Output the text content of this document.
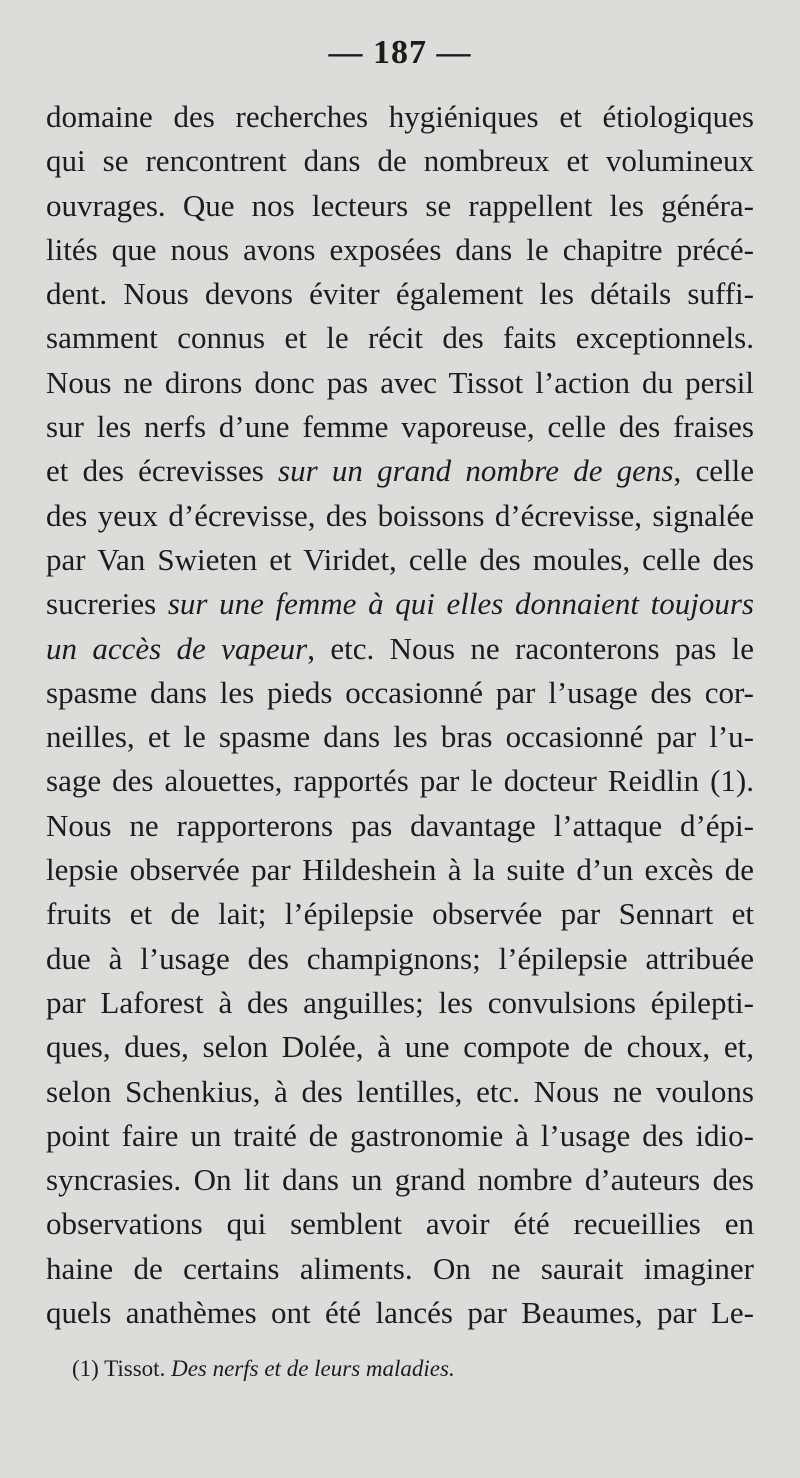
— 187 —
domaine des recherches hygiéniques et étiologiques
qui se rencontrent dans de nombreux et volumineux
ouvrages. Que nos lecteurs se rappellent les généra-
lités que nous avons exposées dans le chapitre précé-
dent. Nous devons éviter également les détails suffi-
samment connus et le récit des faits exceptionnels.
Nous ne dirons donc pas avec Tissot l’action du persil
sur les nerfs d’une femme vaporeuse, celle des fraises
et des écrevisses sur un grand nombre de gens, celle
des yeux d’écrevisse, des boissons d’écrevisse, signalée
par Van Swieten et Viridet, celle des moules, celle des
sucreries sur une femme à qui elles donnaient toujours
un accès de vapeur, etc. Nous ne raconterons pas le
spasme dans les pieds occasionné par l’usage des cor-
neilles, et le spasme dans les bras occasionné par l’u-
sage des alouettes, rapportés par le docteur Reidlin (1).
Nous ne rapporterons pas davantage l’attaque d’épi-
lepsie observée par Hildeshein à la suite d’un excès de
fruits et de lait; l’épilepsie observée par Sennart et
due à l’usage des champignons; l’épilepsie attribuée
par Laforest à des anguilles; les convulsions épilepti-
ques, dues, selon Dolée, à une compote de choux, et,
selon Schenkius, à des lentilles, etc. Nous ne voulons
point faire un traité de gastronomie à l’usage des idio-
syncrasies. On lit dans un grand nombre d’auteurs des
observations qui semblent avoir été recueillies en
haine de certains aliments. On ne saurait imaginer
quels anathèmes ont été lancés par Beaumes, par Le-
(1) Tissot. Des nerfs et de leurs maladies.
